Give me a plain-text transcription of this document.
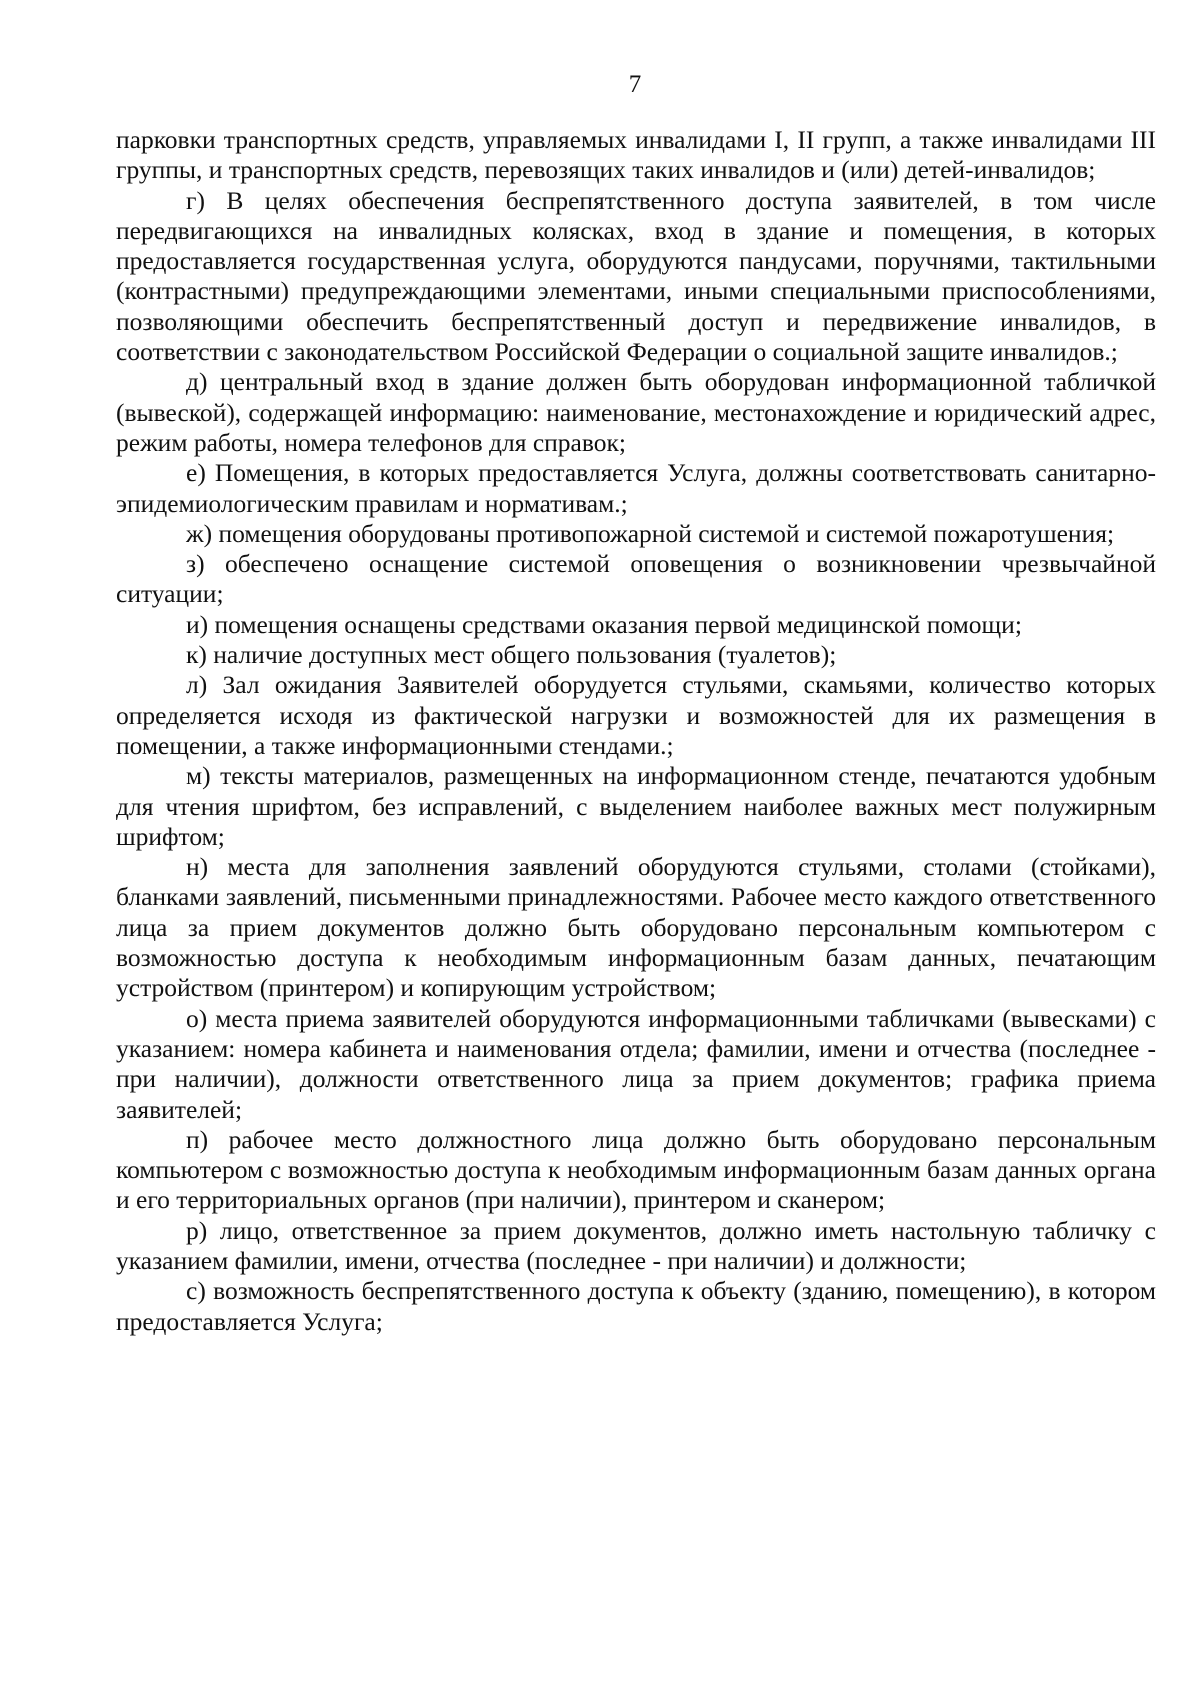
7

парковки транспортных средств, управляемых инвалидами I, II групп, а также инвалидами III группы, и транспортных средств, перевозящих таких инвалидов и (или) детей-инвалидов;

г) В целях обеспечения беспрепятственного доступа заявителей, в том числе передвигающихся на инвалидных колясках, вход в здание и помещения, в которых предоставляется государственная услуга, оборудуются пандусами, поручнями, тактильными (контрастными) предупреждающими элементами, иными специальными приспособлениями, позволяющими обеспечить беспрепятственный доступ и передвижение инвалидов, в соответствии с законодательством Российской Федерации о социальной защите инвалидов.;

д) центральный вход в здание должен быть оборудован информационной табличкой (вывеской), содержащей информацию: наименование, местонахождение и юридический адрес, режим работы, номера телефонов для справок;

е) Помещения, в которых предоставляется Услуга, должны соответствовать санитарно-эпидемиологическим правилам и нормативам.;

ж) помещения оборудованы противопожарной системой и системой пожаротушения;

з) обеспечено оснащение системой оповещения о возникновении чрезвычайной ситуации;

и) помещения оснащены средствами оказания первой медицинской помощи;

к) наличие доступных мест общего пользования (туалетов);

л) Зал ожидания Заявителей оборудуется стульями, скамьями, количество которых определяется исходя из фактической нагрузки и возможностей для их размещения в помещении, а также информационными стендами.;

м) тексты материалов, размещенных на информационном стенде, печатаются удобным для чтения шрифтом, без исправлений, с выделением наиболее важных мест полужирным шрифтом;

н) места для заполнения заявлений оборудуются стульями, столами (стойками), бланками заявлений, письменными принадлежностями. Рабочее место каждого ответственного лица за прием документов должно быть оборудовано персональным компьютером с возможностью доступа к необходимым информационным базам данных, печатающим устройством (принтером) и копирующим устройством;

о) места приема заявителей оборудуются информационными табличками (вывесками) с указанием: номера кабинета и наименования отдела; фамилии, имени и отчества (последнее - при наличии), должности ответственного лица за прием документов; графика приема заявителей;

п) рабочее место должностного лица должно быть оборудовано персональным компьютером с возможностью доступа к необходимым информационным базам данных органа и его территориальных органов (при наличии), принтером и сканером;

р) лицо, ответственное за прием документов, должно иметь настольную табличку с указанием фамилии, имени, отчества (последнее - при наличии) и должности;

с) возможность беспрепятственного доступа к объекту (зданию, помещению), в котором предоставляется Услуга;
